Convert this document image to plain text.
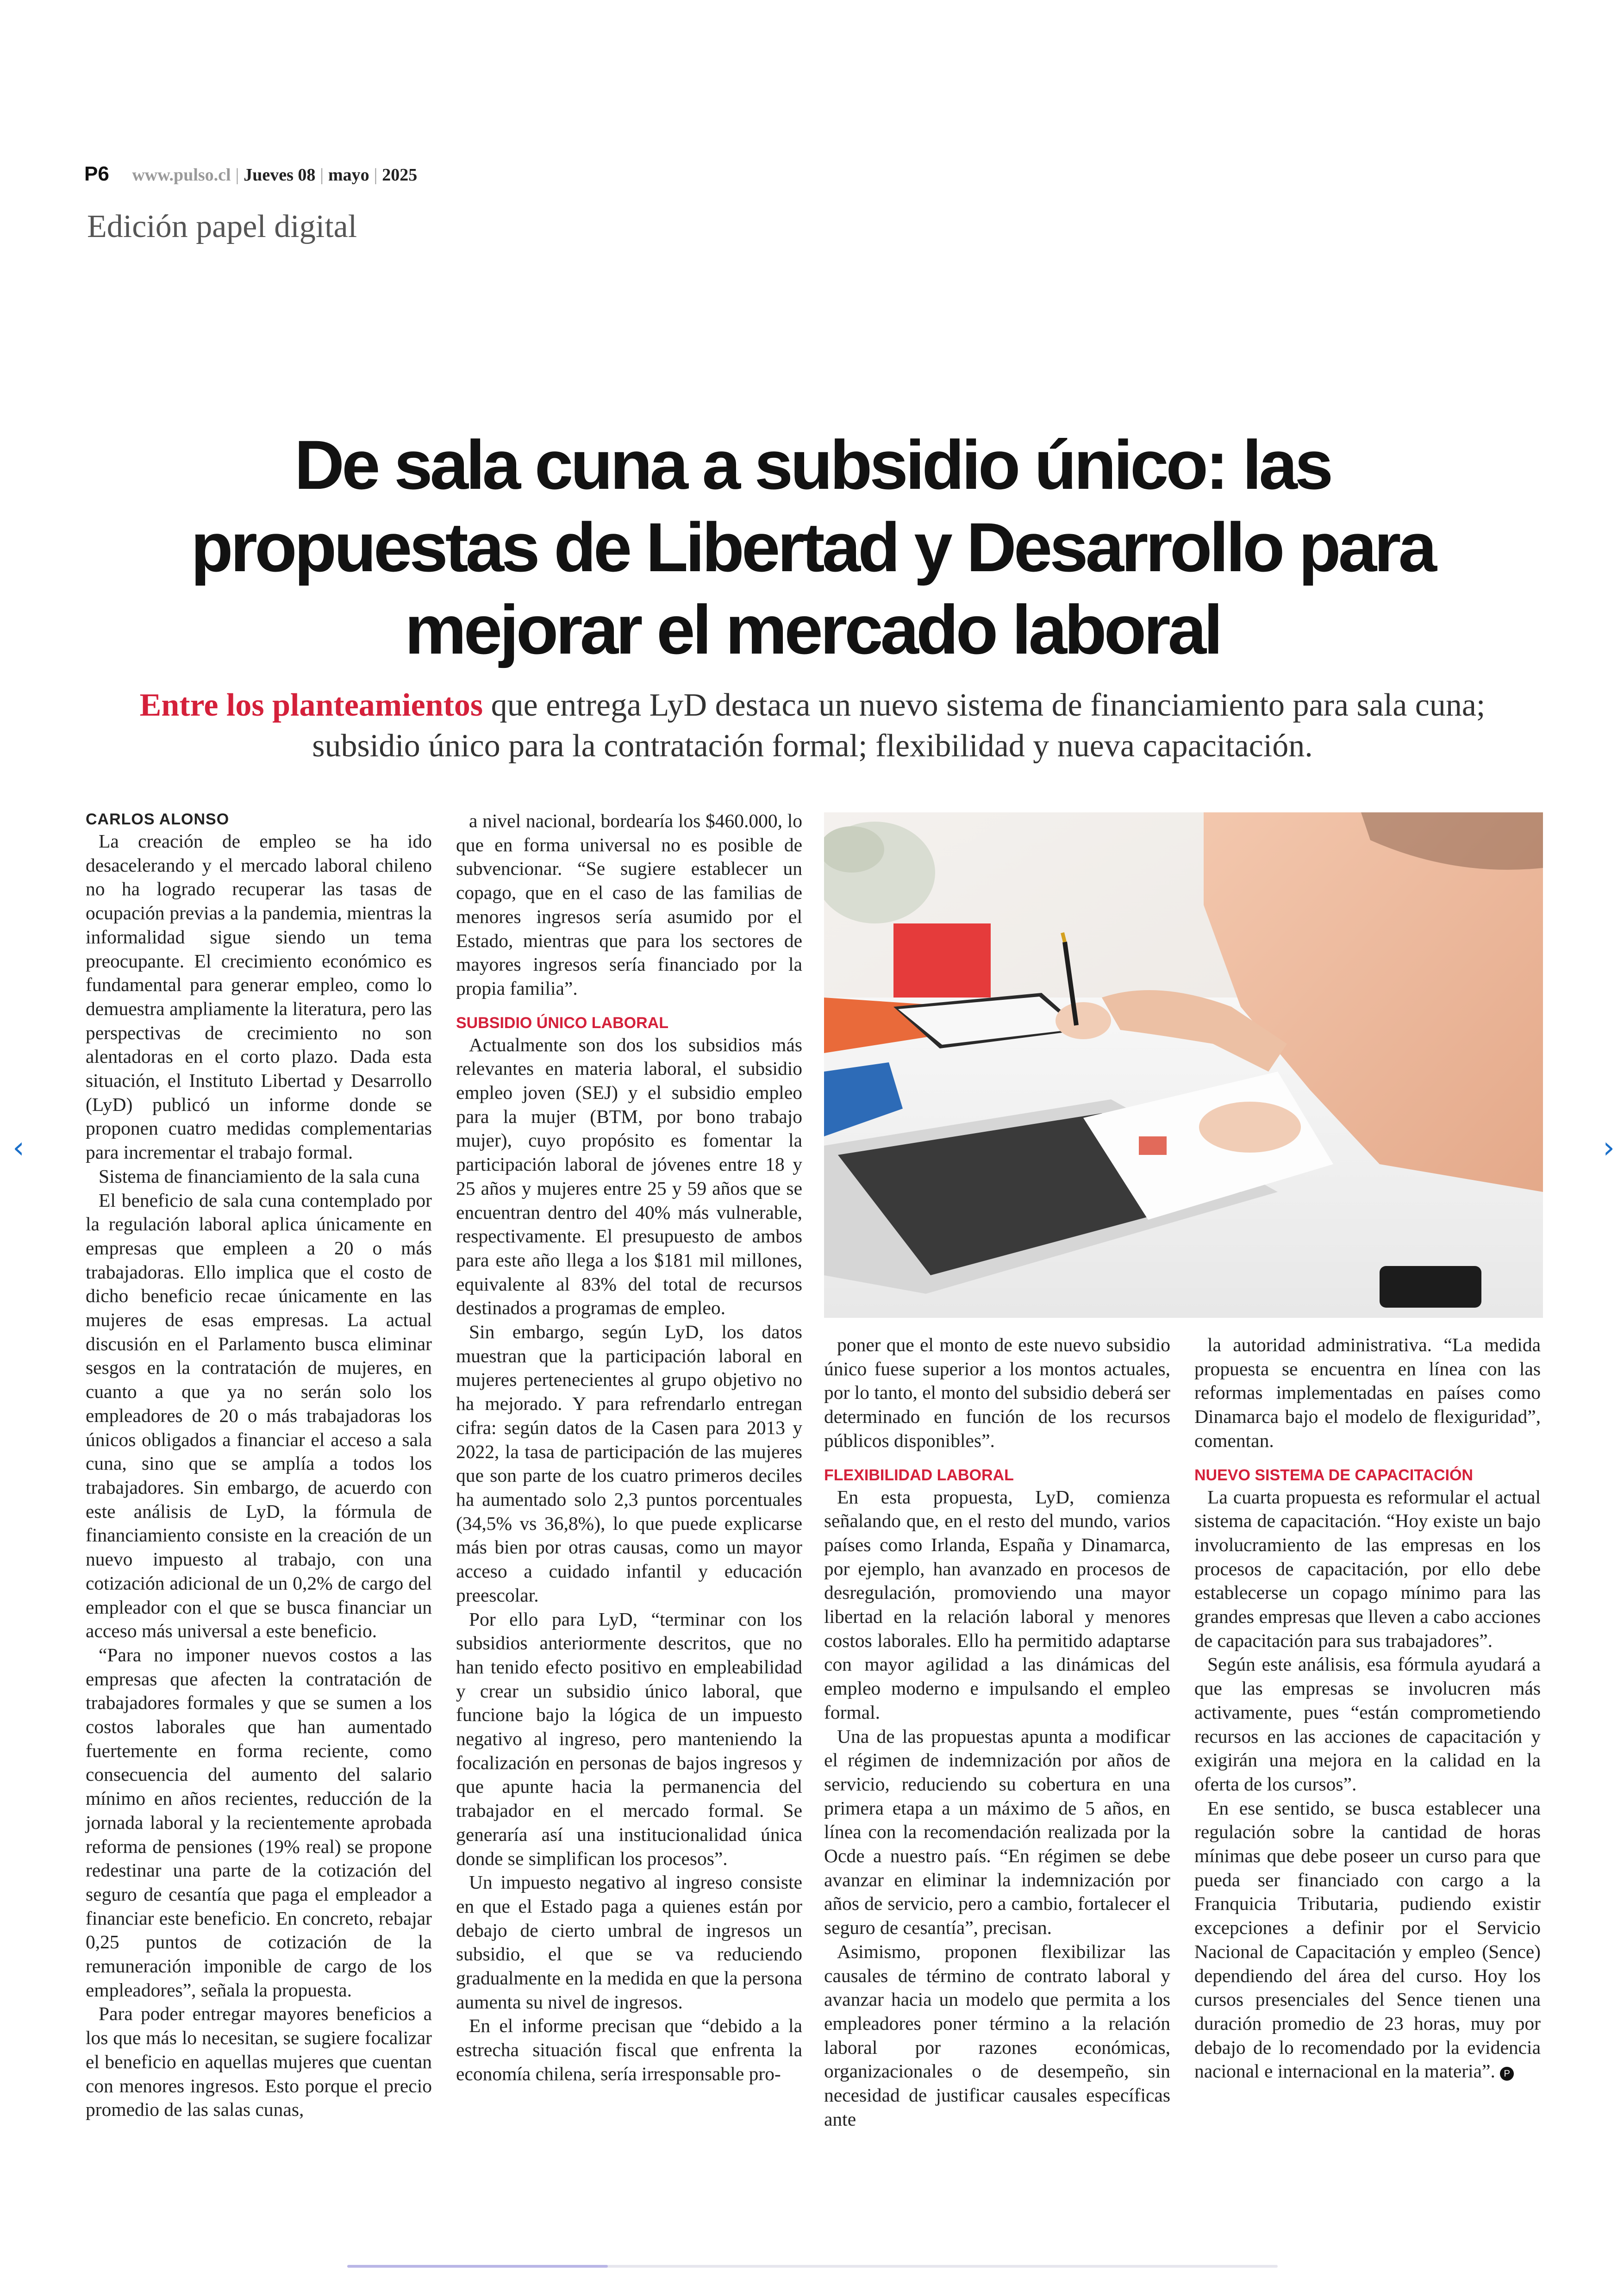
P6 www.pulso.cl | Jueves 08 | mayo | 2025
Edición papel digital
De sala cuna a subsidio único: las
propuestas de Libertad y Desarrollo para
mejorar el mercado laboral
Entre los planteamientos que entrega LyD destaca un nuevo sistema de financiamiento para sala cuna; subsidio único para la contratación formal; flexibilidad y nueva capacitación.
CARLOS ALONSO

La creación de empleo se ha ido desacelerando y el mercado laboral chileno no ha logrado recuperar las tasas de ocupación previas a la pandemia, mientras la informalidad sigue siendo un tema preocupante. El crecimiento económico es fundamental para generar empleo, como lo demuestra ampliamente la literatura, pero las perspectivas de crecimiento no son alentadoras en el corto plazo. Dada esta situación, el Instituto Libertad y Desarrollo (LyD) publicó un informe donde se proponen cuatro medidas complementarias para incrementar el trabajo formal.

Sistema de financiamiento de la sala cuna

El beneficio de sala cuna contemplado por la regulación laboral aplica únicamente en empresas que empleen a 20 o más trabajadoras. Ello implica que el costo de dicho beneficio recae únicamente en las mujeres de esas empresas. La actual discusión en el Parlamento busca eliminar sesgos en la contratación de mujeres, en cuanto a que ya no serán solo los empleadores de 20 o más trabajadoras los únicos obligados a financiar el acceso a sala cuna, sino que se amplía a todos los trabajadores. Sin embargo, de acuerdo con este análisis de LyD, la fórmula de financiamiento consiste en la creación de un nuevo impuesto al trabajo, con una cotización adicional de un 0,2% de cargo del empleador con el que se busca financiar un acceso más universal a este beneficio.

“Para no imponer nuevos costos a las empresas que afecten la contratación de trabajadores formales y que se sumen a los costos laborales que han aumentado fuertemente en forma reciente, como consecuencia del aumento del salario mínimo en años recientes, reducción de la jornada laboral y la recientemente aprobada reforma de pensiones (19% real) se propone redestinar una parte de la cotización del seguro de cesantía que paga el empleador a financiar este beneficio. En concreto, rebajar 0,25 puntos de cotización de la remuneración imponible de cargo de los empleadores”, señala la propuesta.

Para poder entregar mayores beneficios a los que más lo necesitan, se sugiere focalizar el beneficio en aquellas mujeres que cuentan con menores ingresos. Esto porque el precio promedio de las salas cunas,

a nivel nacional, bordearía los $460.000, lo que en forma universal no es posible de subvencionar. “Se sugiere establecer un copago, que en el caso de las familias de menores ingresos sería asumido por el Estado, mientras que para los sectores de mayores ingresos sería financiado por la propia familia”.

SUBSIDIO ÚNICO LABORAL

Actualmente son dos los subsidios más relevantes en materia laboral, el subsidio empleo joven (SEJ) y el subsidio empleo para la mujer (BTM, por bono trabajo mujer), cuyo propósito es fomentar la participación laboral de jóvenes entre 18 y 25 años y mujeres entre 25 y 59 años que se encuentran dentro del 40% más vulnerable, respectivamente. El presupuesto de ambos para este año llega a los $181 mil millones, equivalente al 83% del total de recursos destinados a programas de empleo.

Sin embargo, según LyD, los datos muestran que la participación laboral en mujeres pertenecientes al grupo objetivo no ha mejorado. Y para refrendarlo entregan cifra: según datos de la Casen para 2013 y 2022, la tasa de participación de las mujeres que son parte de los cuatro primeros deciles ha aumentado solo 2,3 puntos porcentuales (34,5% vs 36,8%), lo que puede explicarse más bien por otras causas, como un mayor acceso a cuidado infantil y educación preescolar.

Por ello para LyD, “terminar con los subsidios anteriormente descritos, que no han tenido efecto positivo en empleabilidad y crear un subsidio único laboral, que funcione bajo la lógica de un impuesto negativo al ingreso, pero manteniendo la focalización en personas de bajos ingresos y que apunte hacia la permanencia del trabajador en el mercado formal. Se generaría así una institucionalidad única donde se simplifican los procesos”.

Un impuesto negativo al ingreso consiste en que el Estado paga a quienes están por debajo de cierto umbral de ingresos un subsidio, el que se va reduciendo gradualmente en la medida en que la persona aumenta su nivel de ingresos.

En el informe precisan que “debido a la estrecha situación fiscal que enfrenta la economía chilena, sería irresponsable pro-

poner que el monto de este nuevo subsidio único fuese superior a los montos actuales, por lo tanto, el monto del subsidio deberá ser determinado en función de los recursos públicos disponibles”.

FLEXIBILIDAD LABORAL

En esta propuesta, LyD, comienza señalando que, en el resto del mundo, varios países como Irlanda, España y Dinamarca, por ejemplo, han avanzado en procesos de desregulación, promoviendo una mayor libertad en la relación laboral y menores costos laborales. Ello ha permitido adaptarse con mayor agilidad a las dinámicas del empleo moderno e impulsando el empleo formal.

Una de las propuestas apunta a modificar el régimen de indemnización por años de servicio, reduciendo su cobertura en una primera etapa a un máximo de 5 años, en línea con la recomendación realizada por la Ocde a nuestro país. “En régimen se debe avanzar en eliminar la indemnización por años de servicio, pero a cambio, fortalecer el seguro de cesantía”, precisan.

Asimismo, proponen flexibilizar las causales de término de contrato laboral y avanzar hacia un modelo que permita a los empleadores poner término a la relación laboral por razones económicas, organizacionales o de desempeño, sin necesidad de justificar causales específicas ante

la autoridad administrativa. “La medida propuesta se encuentra en línea con las reformas implementadas en países como Dinamarca bajo el modelo de flexiguridad”, comentan.

NUEVO SISTEMA DE CAPACITACIÓN

La cuarta propuesta es reformular el actual sistema de capacitación. “Hoy existe un bajo involucramiento de las empresas en los procesos de capacitación, por ello debe establecerse un copago mínimo para las grandes empresas que lleven a cabo acciones de capacitación para sus trabajadores”.

Según este análisis, esa fórmula ayudará a que las empresas se involucren más activamente, pues “están comprometiendo recursos en las acciones de capacitación y exigirán una mejora en la calidad en la oferta de los cursos”.

En ese sentido, se busca establecer una regulación sobre la cantidad de horas mínimas que debe poseer un curso para que pueda ser financiado con cargo a la Franquicia Tributaria, pudiendo existir excepciones a definir por el Servicio Nacional de Capacitación y empleo (Sence) dependiendo del área del curso. Hoy los cursos presenciales del Sence tienen una duración promedio de 23 horas, muy por debajo de lo recomendado por la evidencia nacional e internacional en la materia”. P

‹	›
